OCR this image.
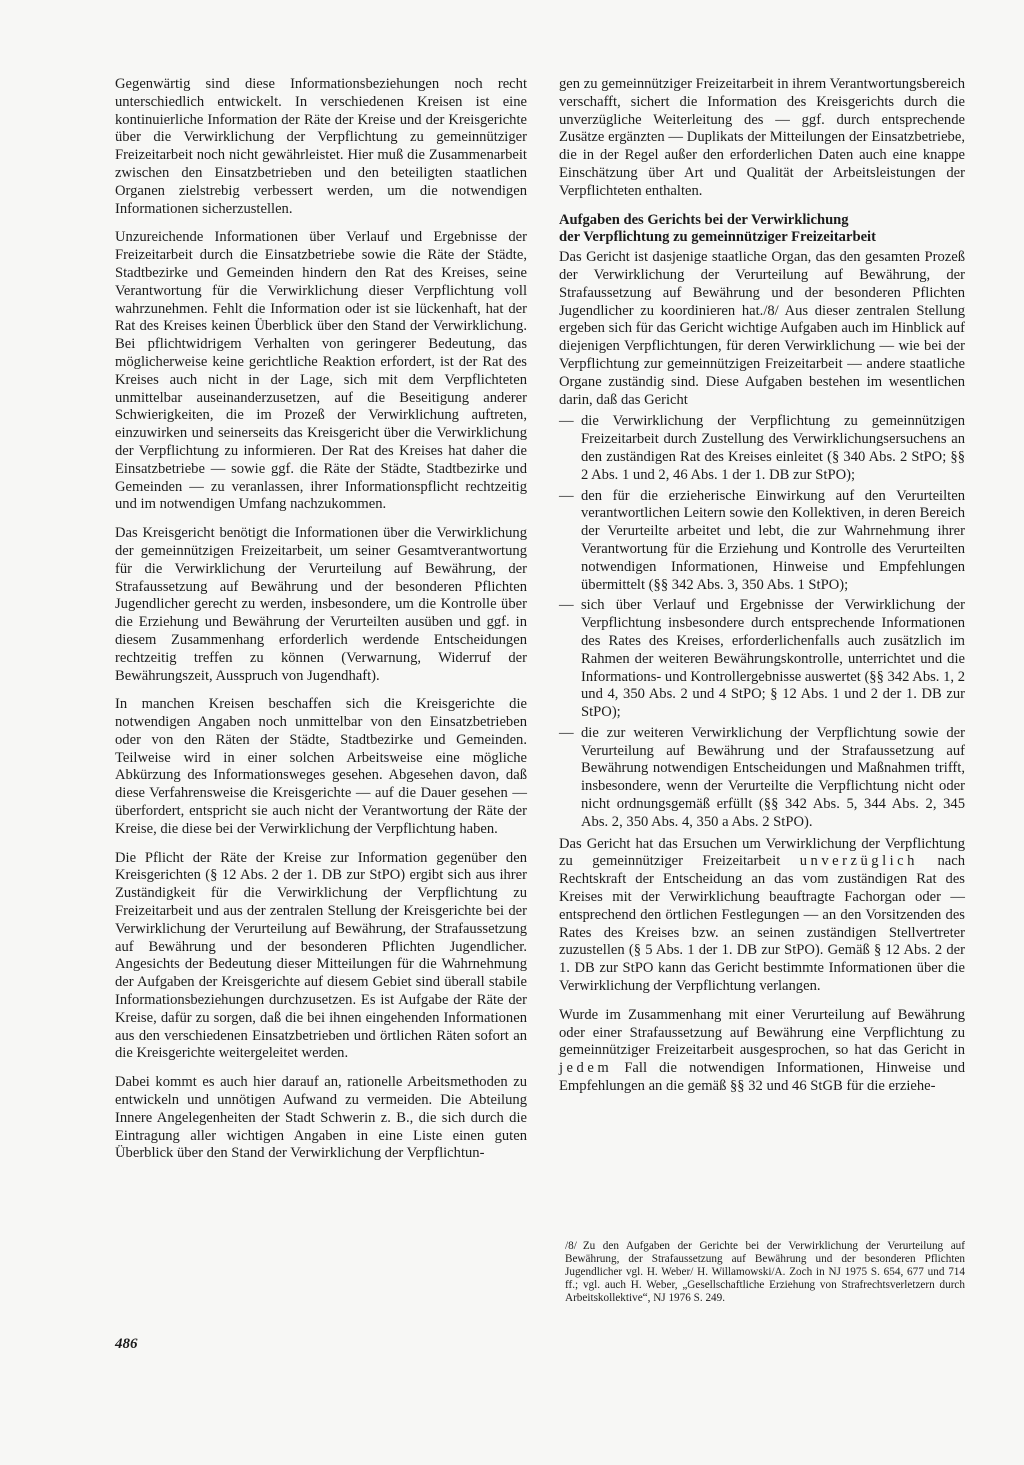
Gegenwärtig sind diese Informationsbeziehungen noch recht unterschiedlich entwickelt. In verschiedenen Kreisen ist eine kontinuierliche Information der Räte der Kreise und der Kreisgerichte über die Verwirklichung der Verpflichtung zu gemeinnütziger Freizeitarbeit noch nicht gewährleistet. Hier muß die Zusammenarbeit zwischen den Einsatzbetrieben und den beteiligten staatlichen Organen zielstrebig verbessert werden, um die notwendigen Informationen sicherzustellen.

Unzureichende Informationen über Verlauf und Ergebnisse der Freizeitarbeit durch die Einsatzbetriebe sowie die Räte der Städte, Stadtbezirke und Gemeinden hindern den Rat des Kreises, seine Verantwortung für die Verwirklichung dieser Verpflichtung voll wahrzunehmen. Fehlt die Information oder ist sie lückenhaft, hat der Rat des Kreises keinen Überblick über den Stand der Verwirklichung. Bei pflichtwidrigem Verhalten von geringerer Bedeutung, das möglicherweise keine gerichtliche Reaktion erfordert, ist der Rat des Kreises auch nicht in der Lage, sich mit dem Verpflichteten unmittelbar auseinanderzusetzen, auf die Beseitigung anderer Schwierigkeiten, die im Prozeß der Verwirklichung auftreten, einzuwirken und seinerseits das Kreisgericht über die Verwirklichung der Verpflichtung zu informieren. Der Rat des Kreises hat daher die Einsatzbetriebe — sowie ggf. die Räte der Städte, Stadtbezirke und Gemeinden — zu veranlassen, ihrer Informationspflicht rechtzeitig und im notwendigen Umfang nachzukommen.

Das Kreisgericht benötigt die Informationen über die Verwirklichung der gemeinnützigen Freizeitarbeit, um seiner Gesamtverantwortung für die Verwirklichung der Verurteilung auf Bewährung, der Strafaussetzung auf Bewährung und der besonderen Pflichten Jugendlicher gerecht zu werden, insbesondere, um die Kontrolle über die Erziehung und Bewährung der Verurteilten ausüben und ggf. in diesem Zusammenhang erforderlich werdende Entscheidungen rechtzeitig treffen zu können (Verwarnung, Widerruf der Bewährungszeit, Ausspruch von Jugendhaft).

In manchen Kreisen beschaffen sich die Kreisgerichte die notwendigen Angaben noch unmittelbar von den Einsatzbetrieben oder von den Räten der Städte, Stadtbezirke und Gemeinden. Teilweise wird in einer solchen Arbeitsweise eine mögliche Abkürzung des Informationsweges gesehen. Abgesehen davon, daß diese Verfahrensweise die Kreisgerichte — auf die Dauer gesehen — überfordert, entspricht sie auch nicht der Verantwortung der Räte der Kreise, die diese bei der Verwirklichung der Verpflichtung haben.

Die Pflicht der Räte der Kreise zur Information gegenüber den Kreisgerichten (§ 12 Abs. 2 der 1. DB zur StPO) ergibt sich aus ihrer Zuständigkeit für die Verwirklichung der Verpflichtung zu Freizeitarbeit und aus der zentralen Stellung der Kreisgerichte bei der Verwirklichung der Verurteilung auf Bewährung, der Strafaussetzung auf Bewährung und der besonderen Pflichten Jugendlicher. Angesichts der Bedeutung dieser Mitteilungen für die Wahrnehmung der Aufgaben der Kreisgerichte auf diesem Gebiet sind überall stabile Informationsbeziehungen durchzusetzen. Es ist Aufgabe der Räte der Kreise, dafür zu sorgen, daß die bei ihnen eingehenden Informationen aus den verschiedenen Einsatzbetrieben und örtlichen Räten sofort an die Kreisgerichte weitergeleitet werden.

Dabei kommt es auch hier darauf an, rationelle Arbeitsmethoden zu entwickeln und unnötigen Aufwand zu vermeiden. Die Abteilung Innere Angelegenheiten der Stadt Schwerin z. B., die sich durch die Eintragung aller wichtigen Angaben in eine Liste einen guten Überblick über den Stand der Verwirklichung der Verpflichtun-

gen zu gemeinnütziger Freizeitarbeit in ihrem Verantwortungsbereich verschafft, sichert die Information des Kreisgerichts durch die unverzügliche Weiterleitung des — ggf. durch entsprechende Zusätze ergänzten — Duplikats der Mitteilungen der Einsatzbetriebe, die in der Regel außer den erforderlichen Daten auch eine knappe Einschätzung über Art und Qualität der Arbeitsleistungen der Verpflichteten enthalten.

Aufgaben des Gerichts bei der Verwirklichung
der Verpflichtung zu gemeinnütziger Freizeitarbeit

Das Gericht ist dasjenige staatliche Organ, das den gesamten Prozeß der Verwirklichung der Verurteilung auf Bewährung, der Strafaussetzung auf Bewährung und der besonderen Pflichten Jugendlicher zu koordinieren hat./8/ Aus dieser zentralen Stellung ergeben sich für das Gericht wichtige Aufgaben auch im Hinblick auf diejenigen Verpflichtungen, für deren Verwirklichung — wie bei der Verpflichtung zur gemeinnützigen Freizeitarbeit — andere staatliche Organe zuständig sind. Diese Aufgaben bestehen im wesentlichen darin, daß das Gericht

— die Verwirklichung der Verpflichtung zu gemeinnützigen Freizeitarbeit durch Zustellung des Verwirklichungsersuchens an den zuständigen Rat des Kreises einleitet (§ 340 Abs. 2 StPO; §§ 2 Abs. 1 und 2, 46 Abs. 1 der 1. DB zur StPO);
— den für die erzieherische Einwirkung auf den Verurteilten verantwortlichen Leitern sowie den Kollektiven, in deren Bereich der Verurteilte arbeitet und lebt, die zur Wahrnehmung ihrer Verantwortung für die Erziehung und Kontrolle des Verurteilten notwendigen Informationen, Hinweise und Empfehlungen übermittelt (§§ 342 Abs. 3, 350 Abs. 1 StPO);
— sich über Verlauf und Ergebnisse der Verwirklichung der Verpflichtung insbesondere durch entsprechende Informationen des Rates des Kreises, erforderlichenfalls auch zusätzlich im Rahmen der weiteren Bewährungskontrolle, unterrichtet und die Informations- und Kontrollergebnisse auswertet (§§ 342 Abs. 1, 2 und 4, 350 Abs. 2 und 4 StPO; § 12 Abs. 1 und 2 der 1. DB zur StPO);
— die zur weiteren Verwirklichung der Verpflichtung sowie der Verurteilung auf Bewährung und der Strafaussetzung auf Bewährung notwendigen Entscheidungen und Maßnahmen trifft, insbesondere, wenn der Verurteilte die Verpflichtung nicht oder nicht ordnungsgemäß erfüllt (§§ 342 Abs. 5, 344 Abs. 2, 345 Abs. 2, 350 Abs. 4, 350 a Abs. 2 StPO).

Das Gericht hat das Ersuchen um Verwirklichung der Verpflichtung zu gemeinnütziger Freizeitarbeit unverzüglich nach Rechtskraft der Entscheidung an das vom zuständigen Rat des Kreises mit der Verwirklichung beauftragte Fachorgan oder — entsprechend den örtlichen Festlegungen — an den Vorsitzenden des Rates des Kreises bzw. an seinen zuständigen Stellvertreter zuzustellen (§ 5 Abs. 1 der 1. DB zur StPO). Gemäß § 12 Abs. 2 der 1. DB zur StPO kann das Gericht bestimmte Informationen über die Verwirklichung der Verpflichtung verlangen.

Wurde im Zusammenhang mit einer Verurteilung auf Bewährung oder einer Strafaussetzung auf Bewährung eine Verpflichtung zu gemeinnütziger Freizeitarbeit ausgesprochen, so hat das Gericht in jedem Fall die notwendigen Informationen, Hinweise und Empfehlungen an die gemäß §§ 32 und 46 StGB für die erziehe-

/8/ Zu den Aufgaben der Gerichte bei der Verwirklichung der Verurteilung auf Bewährung, der Strafaussetzung auf Bewährung und der besonderen Pflichten Jugendlicher vgl. H. Weber/ H. Willamowski/A. Zoch in NJ 1975 S. 654, 677 und 714 ff.; vgl. auch H. Weber, „Gesellschaftliche Erziehung von Strafrechtsverletzern durch Arbeitskollektive“, NJ 1976 S. 249.
486
